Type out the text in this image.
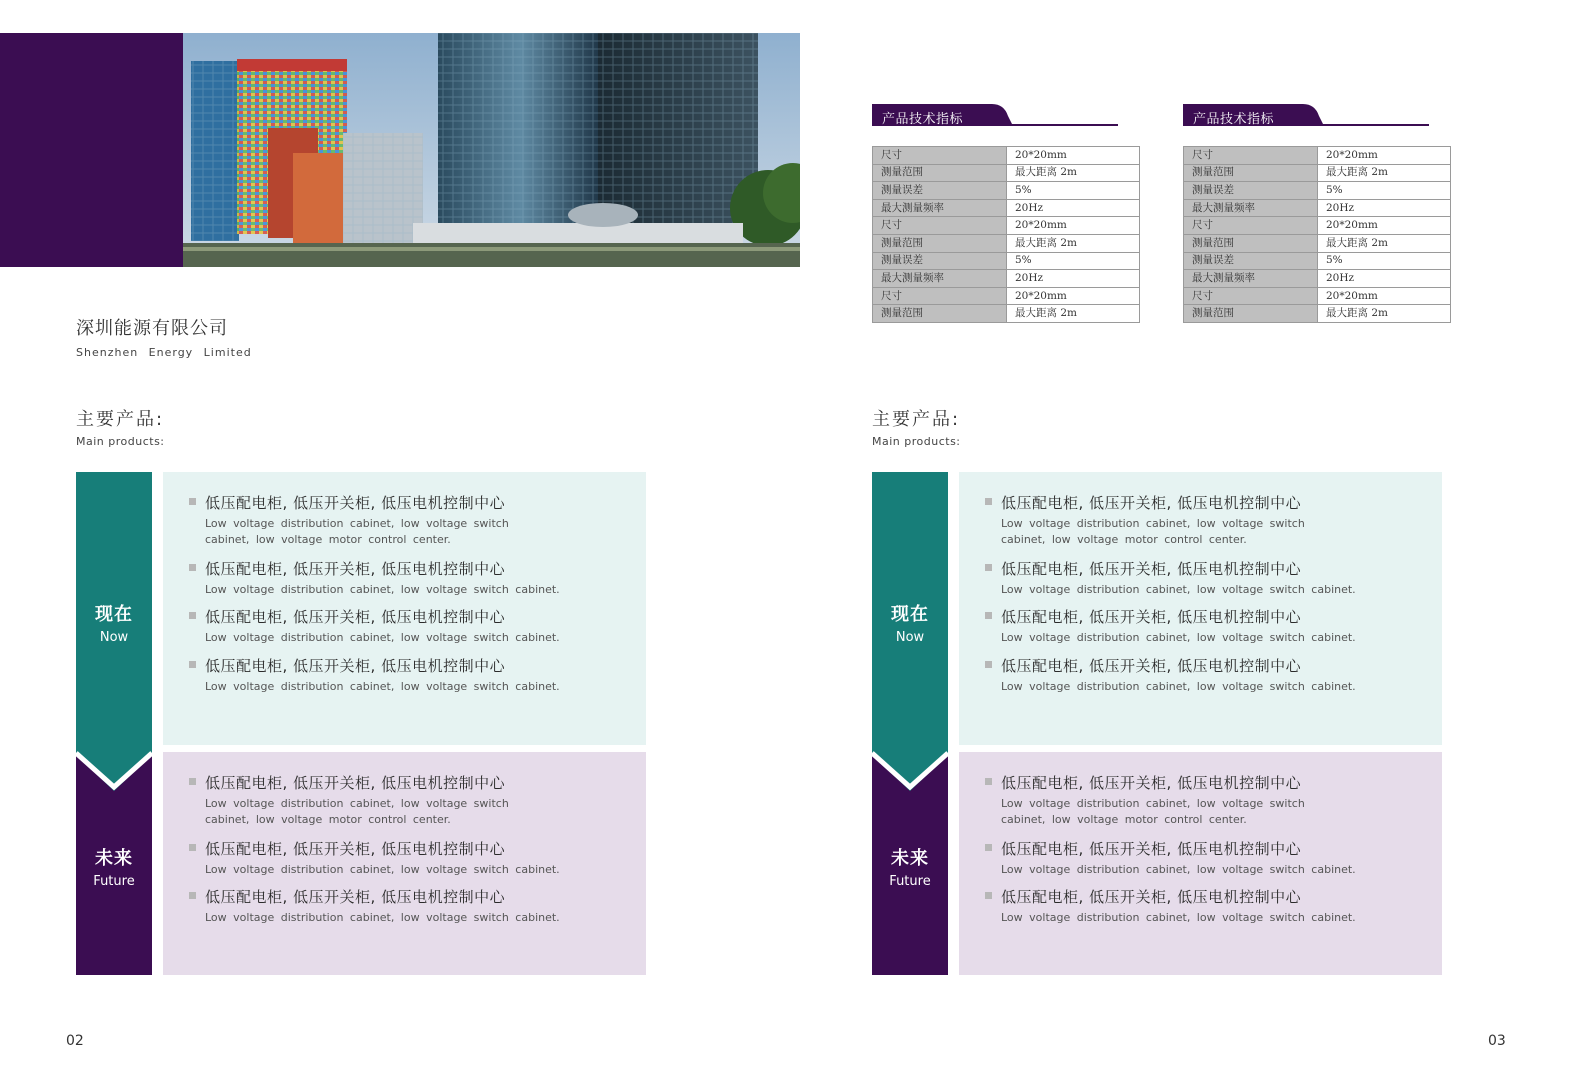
深圳能源有限公司
Shenzhen Energy Limited
主要产品:
Main products:
现在
Now
未来
Future
低压配电柜, 低压开关柜, 低压电机控制中心
Low voltage distribution cabinet, low voltage switch cabinet, low voltage motor control center.
低压配电柜, 低压开关柜, 低压电机控制中心
Low voltage distribution cabinet, low voltage switch cabinet.
低压配电柜, 低压开关柜, 低压电机控制中心
Low voltage distribution cabinet, low voltage switch cabinet.
低压配电柜, 低压开关柜, 低压电机控制中心
Low voltage distribution cabinet, low voltage switch cabinet.
低压配电柜, 低压开关柜, 低压电机控制中心
Low voltage distribution cabinet, low voltage switch cabinet, low voltage motor control center.
低压配电柜, 低压开关柜, 低压电机控制中心
Low voltage distribution cabinet, low voltage switch cabinet.
低压配电柜, 低压开关柜, 低压电机控制中心
Low voltage distribution cabinet, low voltage switch cabinet.
02
产品技术指标
尺寸	20*20mm
测量范围	最大距离 2m
测量误差	5%
最大测量频率	20Hz
尺寸	20*20mm
测量范围	最大距离 2m
测量误差	5%
最大测量频率	20Hz
尺寸	20*20mm
测量范围	最大距离 2m
产品技术指标
尺寸	20*20mm
测量范围	最大距离 2m
测量误差	5%
最大测量频率	20Hz
尺寸	20*20mm
测量范围	最大距离 2m
测量误差	5%
最大测量频率	20Hz
尺寸	20*20mm
测量范围	最大距离 2m
主要产品:
Main products:
现在
Now
未来
Future
低压配电柜, 低压开关柜, 低压电机控制中心
Low voltage distribution cabinet, low voltage switch cabinet, low voltage motor control center.
低压配电柜, 低压开关柜, 低压电机控制中心
Low voltage distribution cabinet, low voltage switch cabinet.
低压配电柜, 低压开关柜, 低压电机控制中心
Low voltage distribution cabinet, low voltage switch cabinet.
低压配电柜, 低压开关柜, 低压电机控制中心
Low voltage distribution cabinet, low voltage switch cabinet.
低压配电柜, 低压开关柜, 低压电机控制中心
Low voltage distribution cabinet, low voltage switch cabinet, low voltage motor control center.
低压配电柜, 低压开关柜, 低压电机控制中心
Low voltage distribution cabinet, low voltage switch cabinet.
低压配电柜, 低压开关柜, 低压电机控制中心
Low voltage distribution cabinet, low voltage switch cabinet.
03
